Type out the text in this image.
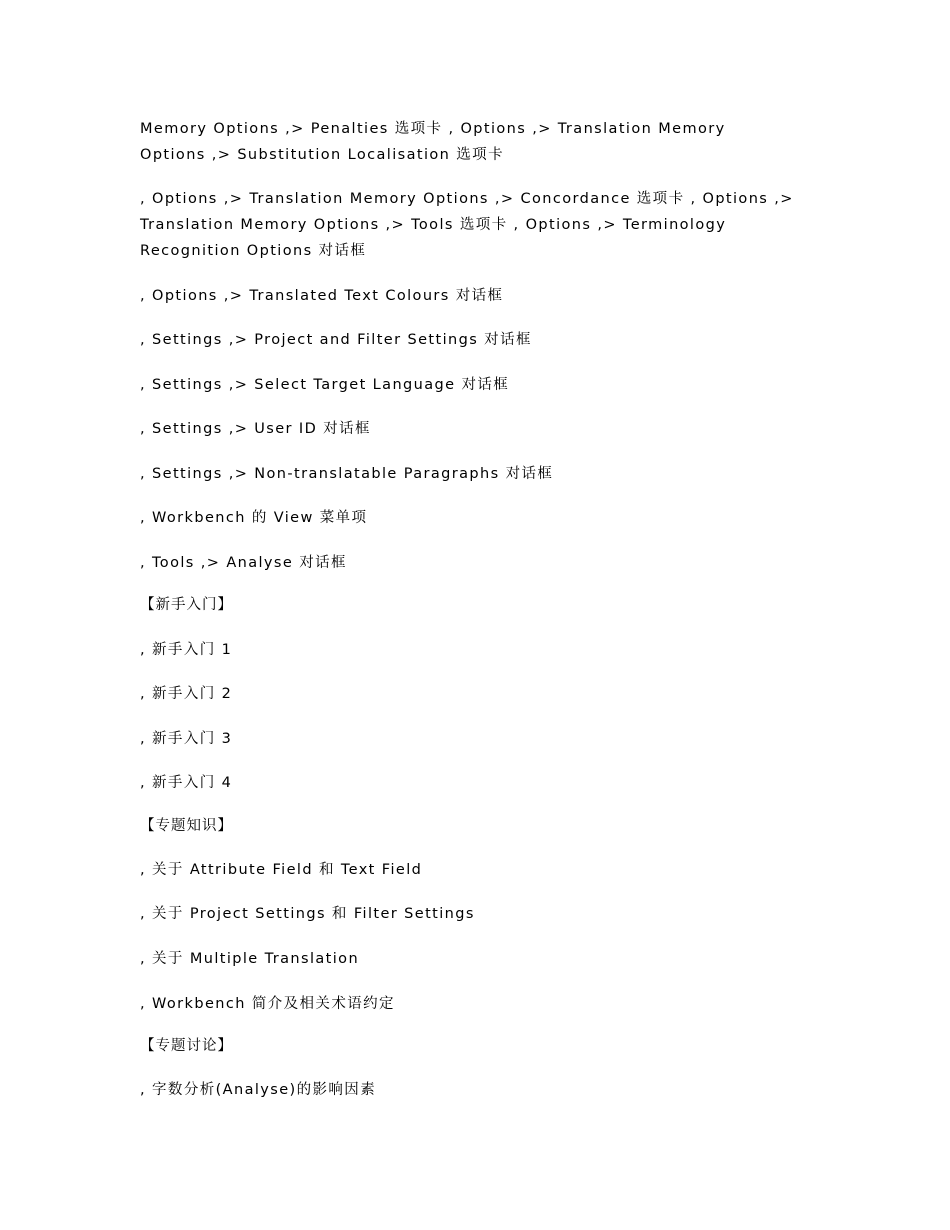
Memory Options ,> Penalties 选项卡 , Options ,> Translation Memory
Options ,> Substitution Localisation 选项卡
, Options ,> Translation Memory Options ,> Concordance 选项卡 , Options ,>
Translation Memory Options ,> Tools 选项卡 , Options ,> Terminology
Recognition Options 对话框
, Options ,> Translated Text Colours 对话框
, Settings ,> Project and Filter Settings 对话框
, Settings ,> Select Target Language 对话框
, Settings ,> User ID 对话框
, Settings ,> Non-translatable Paragraphs 对话框
, Workbench 的 View 菜单项
, Tools ,> Analyse 对话框
【新手入门】
, 新手入门 1
, 新手入门 2
, 新手入门 3
, 新手入门 4
【专题知识】
, 关于 Attribute Field 和 Text Field
, 关于 Project Settings 和 Filter Settings
, 关于 Multiple Translation
, Workbench 简介及相关术语约定
【专题讨论】
, 字数分析(Analyse)的影响因素
